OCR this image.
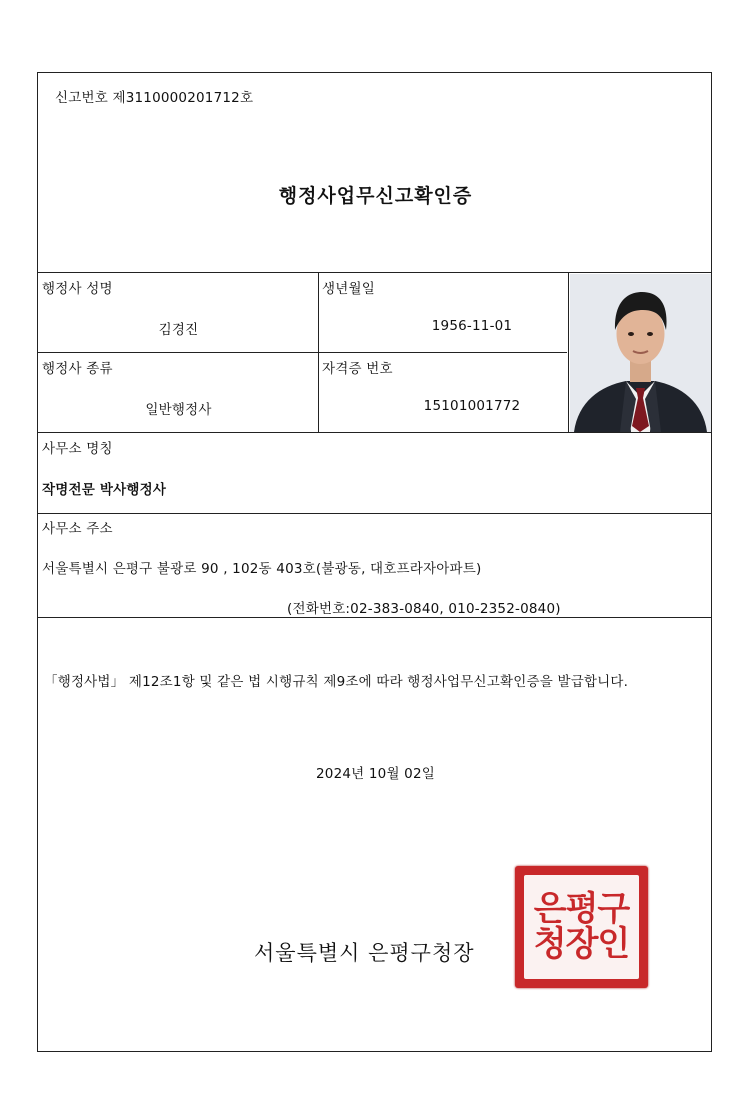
신고번호 제3110000201712호
행정사업무신고확인증
행정사 성명
김경진
생년월일
1956-11-01
행정사 종류
일반행정사
자격증 번호
15101001772
사무소 명칭
작명전문 박사행정사
사무소 주소
서울특별시 은평구 불광로 90 , 102동 403호(불광동, 대호프라자아파트)
(전화번호:02-383-0840, 010-2352-0840)
「행정사법」 제12조1항 및 같은 법 시행규칙 제9조에 따라 행정사업무신고확인증을 발급합니다.
2024년 10월 02일
서울특별시 은평구청장
은평구
청장인
